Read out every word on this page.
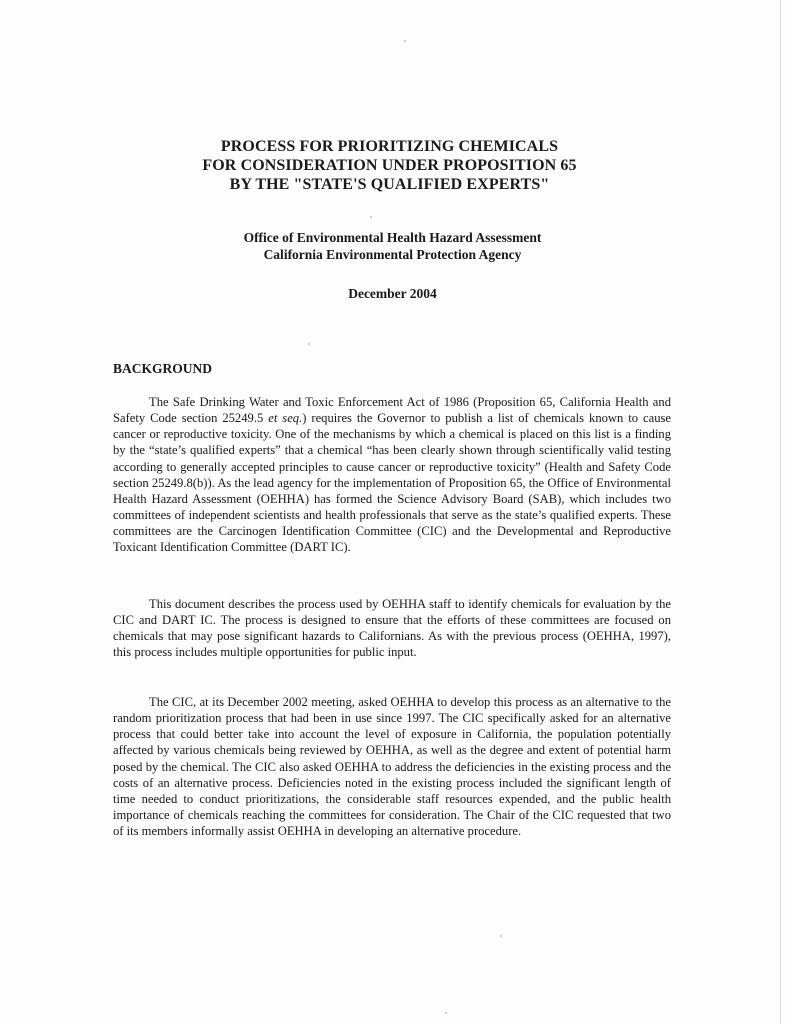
PROCESS FOR PRIORITIZING CHEMICALS
FOR CONSIDERATION UNDER PROPOSITION 65
BY THE "STATE'S QUALIFIED EXPERTS"
Office of Environmental Health Hazard Assessment
California Environmental Protection Agency
December 2004
BACKGROUND

The Safe Drinking Water and Toxic Enforcement Act of 1986 (Proposition 65, California Health and Safety Code section 25249.5 et seq.) requires the Governor to publish a list of chemicals known to cause cancer or reproductive toxicity. One of the mechanisms by which a chemical is placed on this list is a finding by the “state’s qualified experts” that a chemical “has been clearly shown through scientifically valid testing according to generally accepted principles to cause cancer or reproductive toxicity” (Health and Safety Code section 25249.8(b)). As the lead agency for the implementation of Proposition 65, the Office of Environmental Health Hazard Assessment (OEHHA) has formed the Science Advisory Board (SAB), which includes two committees of independent scientists and health professionals that serve as the state’s qualified experts. These committees are the Carcinogen Identification Committee (CIC) and the Developmental and Reproductive Toxicant Identification Committee (DART IC).

This document describes the process used by OEHHA staff to identify chemicals for evaluation by the CIC and DART IC. The process is designed to ensure that the efforts of these committees are focused on chemicals that may pose significant hazards to Californians. As with the previous process (OEHHA, 1997), this process includes multiple opportunities for public input.

The CIC, at its December 2002 meeting, asked OEHHA to develop this process as an alternative to the random prioritization process that had been in use since 1997. The CIC specifically asked for an alternative process that could better take into account the level of exposure in California, the population potentially affected by various chemicals being reviewed by OEHHA, as well as the degree and extent of potential harm posed by the chemical. The CIC also asked OEHHA to address the deficiencies in the existing process and the costs of an alternative process. Deficiencies noted in the existing process included the significant length of time needed to conduct prioritizations, the considerable staff resources expended, and the public health importance of chemicals reaching the committees for consideration. The Chair of the CIC requested that two of its members informally assist OEHHA in developing an alternative procedure.
